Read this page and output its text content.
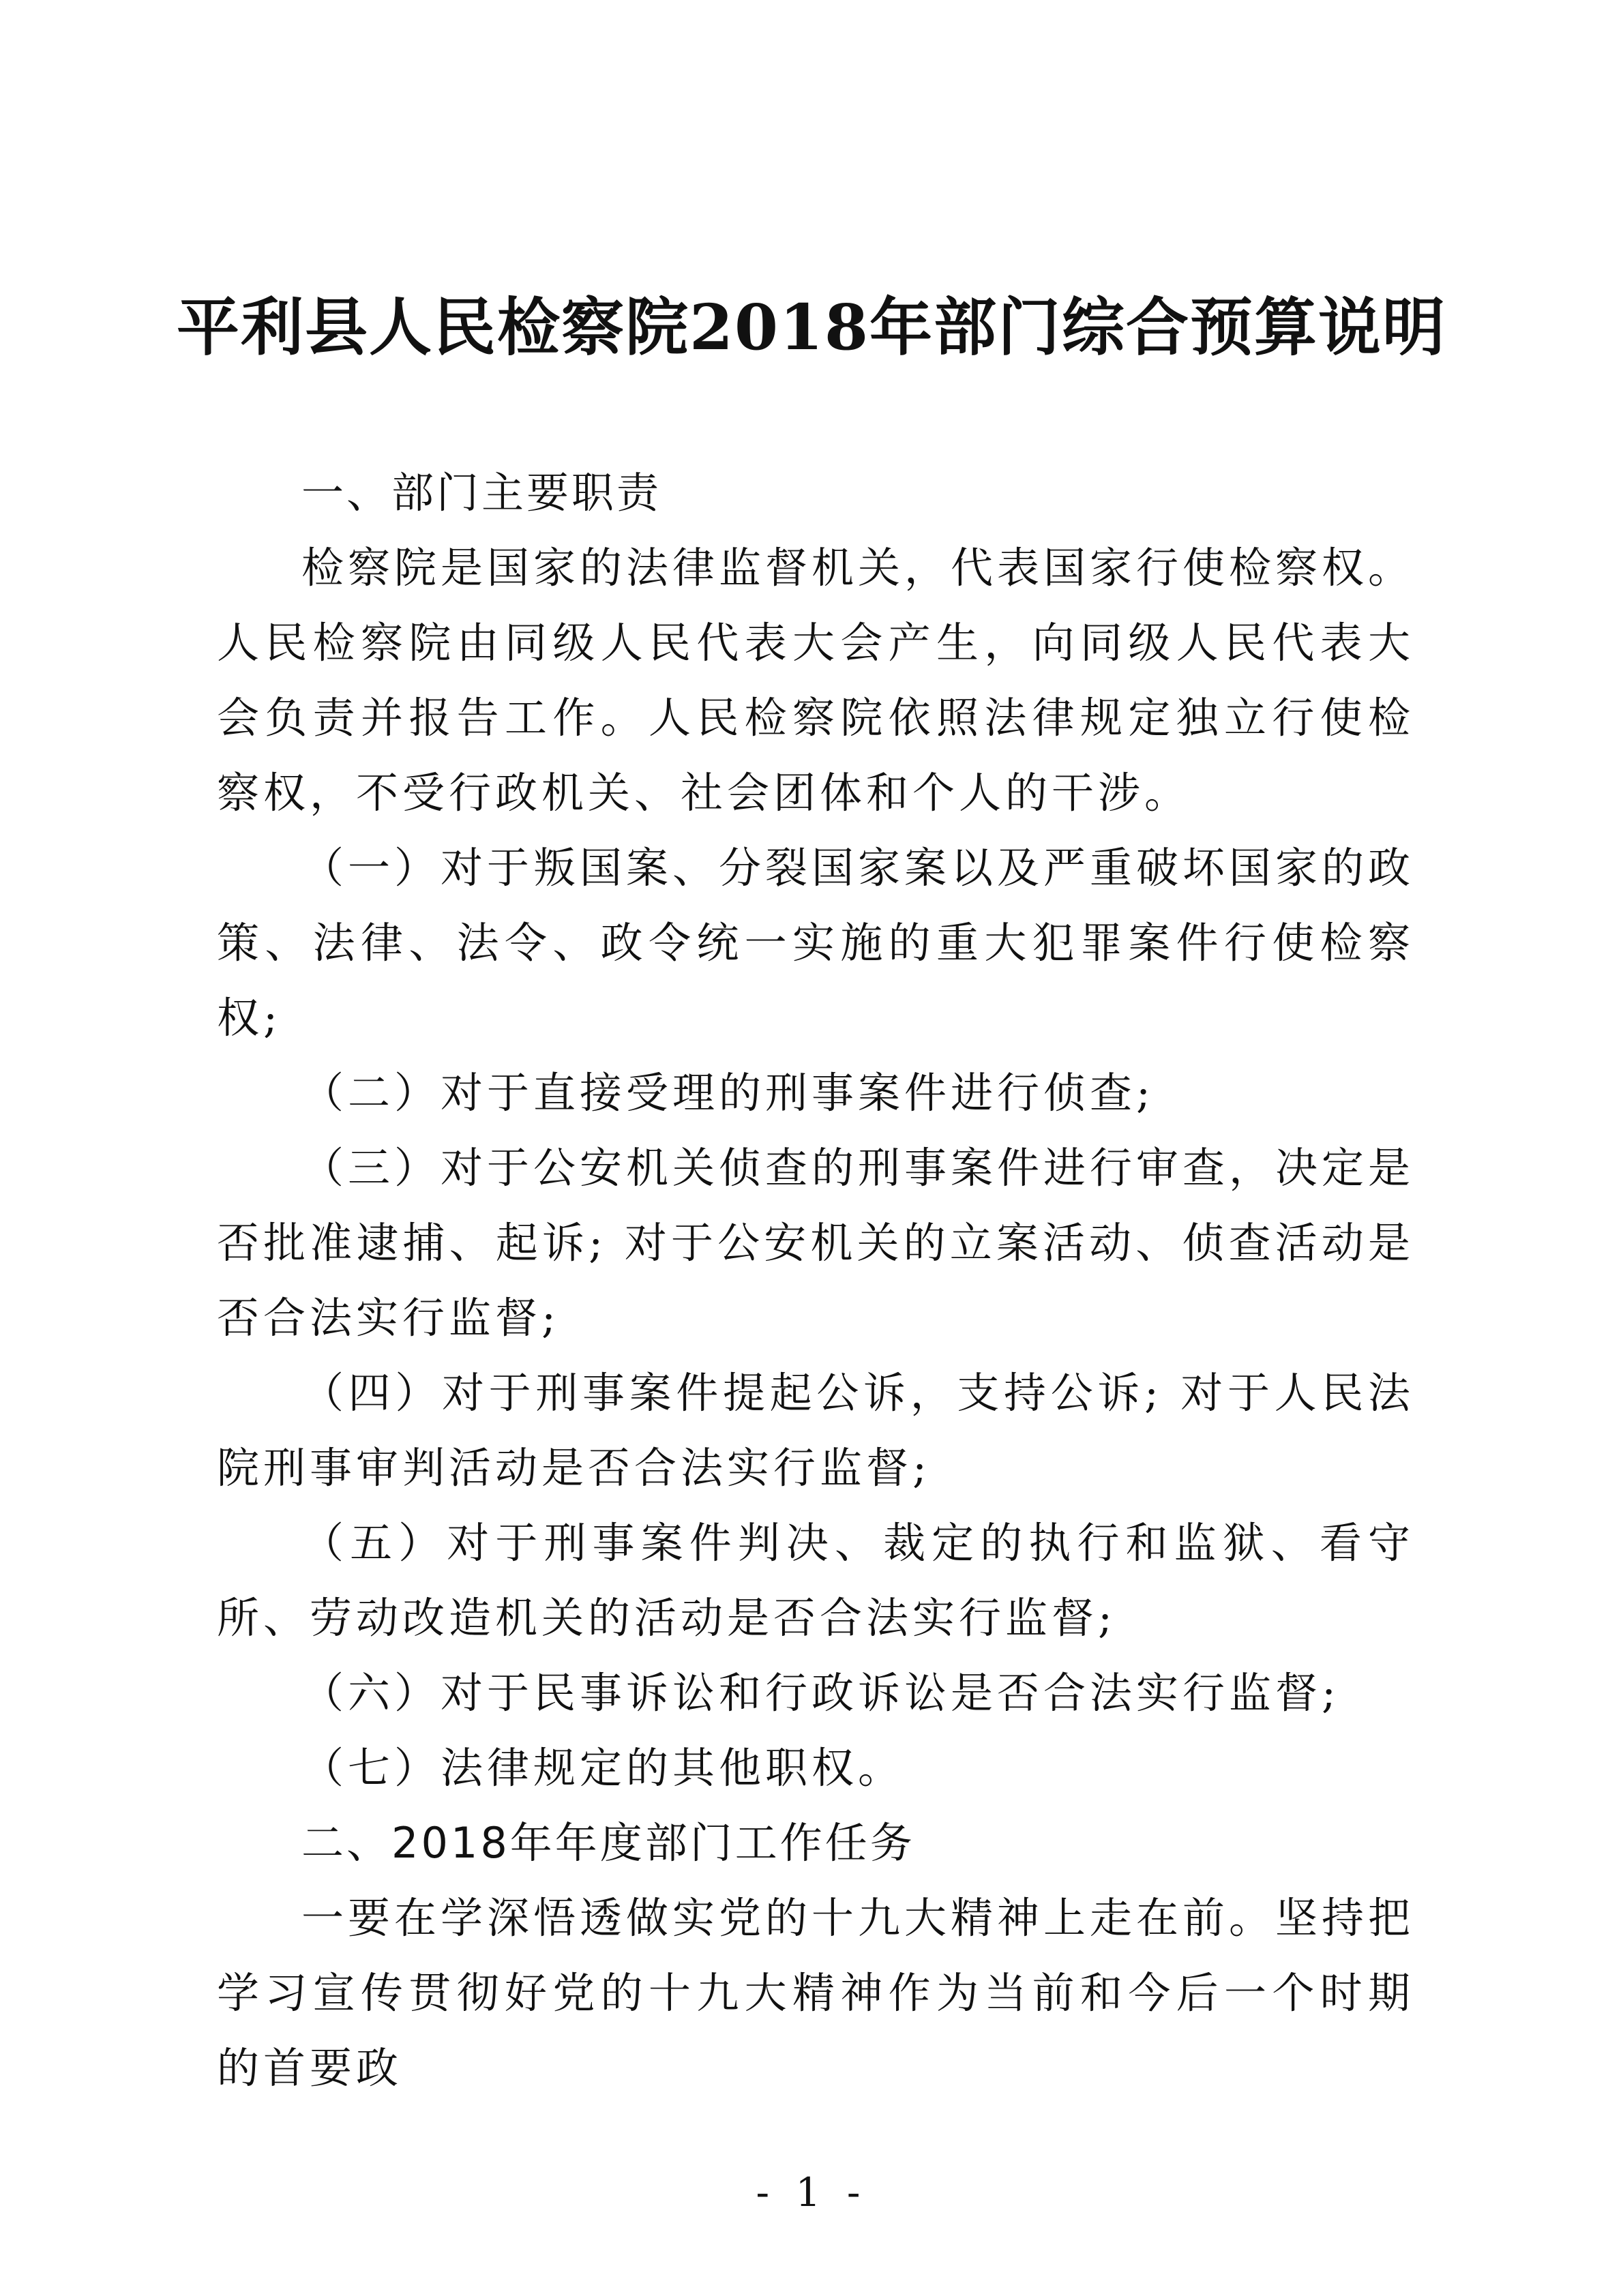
平利县人民检察院2018年部门综合预算说明

一、部门主要职责

检察院是国家的法律监督机关，代表国家行使检察权。人民检察院由同级人民代表大会产生，向同级人民代表大会负责并报告工作。人民检察院依照法律规定独立行使检察权，不受行政机关、社会团体和个人的干涉。

（一）对于叛国案、分裂国家案以及严重破坏国家的政策、法律、法令、政令统一实施的重大犯罪案件行使检察权;

（二）对于直接受理的刑事案件进行侦查;

（三）对于公安机关侦查的刑事案件进行审查，决定是否批准逮捕、起诉; 对于公安机关的立案活动、侦查活动是否合法实行监督;

（四）对于刑事案件提起公诉，支持公诉; 对于人民法院刑事审判活动是否合法实行监督;

（五）对于刑事案件判决、裁定的执行和监狱、看守所、劳动改造机关的活动是否合法实行监督;

（六）对于民事诉讼和行政诉讼是否合法实行监督;

（七）法律规定的其他职权。

二、2018年年度部门工作任务

一要在学深悟透做实党的十九大精神上走在前。坚持把学习宣传贯彻好党的十九大精神作为当前和今后一个时期的首要政

- 1 -
